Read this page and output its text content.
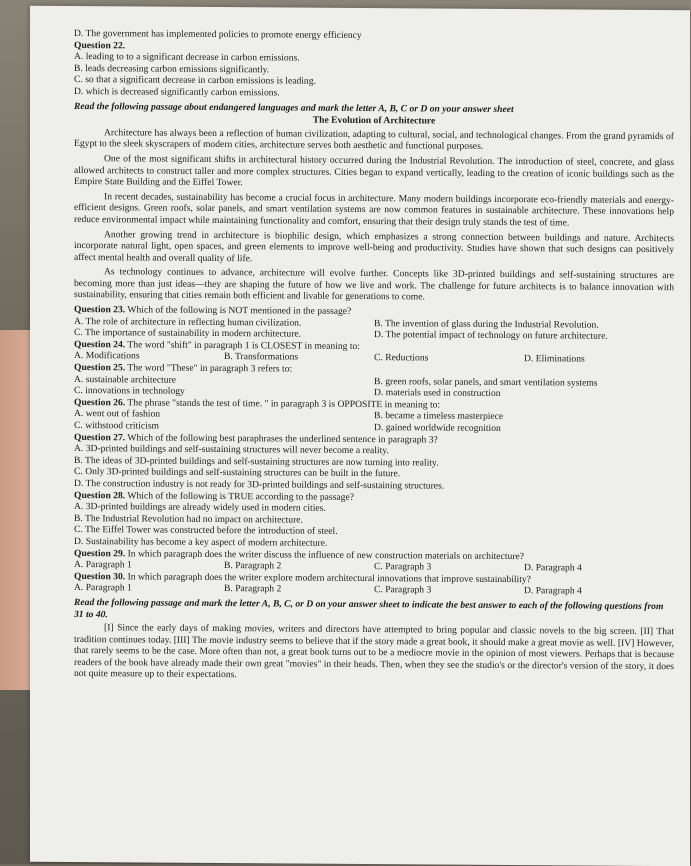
D. The government has implemented policies to promote energy efficiency
Question 22.
A. leading to to a significant decrease in carbon emissions.
B. leads decreasing carbon emissions significantly.
C. so that a significant decrease in carbon emissions is leading.
D. which is decreased significantly carbon emissions.
Read the following passage about endangered languages and mark the letter A, B, C or D on your answer sheet
The Evolution of Architecture
Architecture has always been a reflection of human civilization, adapting to cultural, social, and technological changes. From the grand pyramids of Egypt to the sleek skyscrapers of modern cities, architecture serves both aesthetic and functional purposes.
One of the most significant shifts in architectural history occurred during the Industrial Revolution. The introduction of steel, concrete, and glass allowed architects to construct taller and more complex structures. Cities began to expand vertically, leading to the creation of iconic buildings such as the Empire State Building and the Eiffel Tower.
In recent decades, sustainability has become a crucial focus in architecture. Many modern buildings incorporate eco-friendly materials and energy-efficient designs. Green roofs, solar panels, and smart ventilation systems are now common features in sustainable architecture. These innovations help reduce environmental impact while maintaining functionality and comfort, ensuring that their design truly stands the test of time.
Another growing trend in architecture is biophilic design, which emphasizes a strong connection between buildings and nature. Architects incorporate natural light, open spaces, and green elements to improve well-being and productivity. Studies have shown that such designs can positively affect mental health and overall quality of life.
As technology continues to advance, architecture will evolve further. Concepts like 3D-printed buildings and self-sustaining structures are becoming more than just ideas—they are shaping the future of how we live and work. The challenge for future architects is to balance innovation with sustainability, ensuring that cities remain both efficient and livable for generations to come.
Question 23. Which of the following is NOT mentioned in the passage?
A. The role of architecture in reflecting human civilization.	B. The invention of glass during the Industrial Revolution.
C. The importance of sustainability in modern architecture.	D. The potential impact of technology on future architecture.
Question 24. The word "shift" in paragraph 1 is CLOSEST in meaning to:
A. Modifications	B. Transformations	C. Reductions	D. Eliminations
Question 25. The word "These" in paragraph 3 refers to:
A. sustainable architecture	B. green roofs, solar panels, and smart ventilation systems
C. innovations in technology	D. materials used in construction
Question 26. The phrase "stands the test of time. " in paragraph 3 is OPPOSITE in meaning to:
A. went out of fashion	B. became a timeless masterpiece
C. withstood criticism	D. gained worldwide recognition
Question 27. Which of the following best paraphrases the underlined sentence in paragraph 3?
A. 3D-printed buildings and self-sustaining structures will never become a reality.
B. The ideas of 3D-printed buildings and self-sustaining structures are now turning into reality.
C. Only 3D-printed buildings and self-sustaining structures can be built in the future.
D. The construction industry is not ready for 3D-printed buildings and self-sustaining structures.
Question 28. Which of the following is TRUE according to the passage?
A. 3D-printed buildings are already widely used in modern cities.
B. The Industrial Revolution had no impact on architecture.
C. The Eiffel Tower was constructed before the introduction of steel.
D. Sustainability has become a key aspect of modern architecture.
Question 29. In which paragraph does the writer discuss the influence of new construction materials on architecture?
A. Paragraph 1	B. Paragraph 2	C. Paragraph 3	D. Paragraph 4
Question 30. In which paragraph does the writer explore modern architectural innovations that improve sustainability?
A. Paragraph 1	B. Paragraph 2	C. Paragraph 3	D. Paragraph 4
Read the following passage and mark the letter A, B, C, or D on your answer sheet to indicate the best answer to each of the following questions from 31 to 40.
[I] Since the early days of making movies, writers and directors have attempted to bring popular and classic novels to the big screen. [II] That tradition continues today. [III] The movie industry seems to believe that if the story made a great book, it should make a great movie as well. [IV] However, that rarely seems to be the case. More often than not, a great book turns out to be a mediocre movie in the opinion of most viewers. Perhaps that is because readers of the book have already made their own great "movies" in their heads. Then, when they see the studio's or the director's version of the story, it does not quite measure up to their expectations.
